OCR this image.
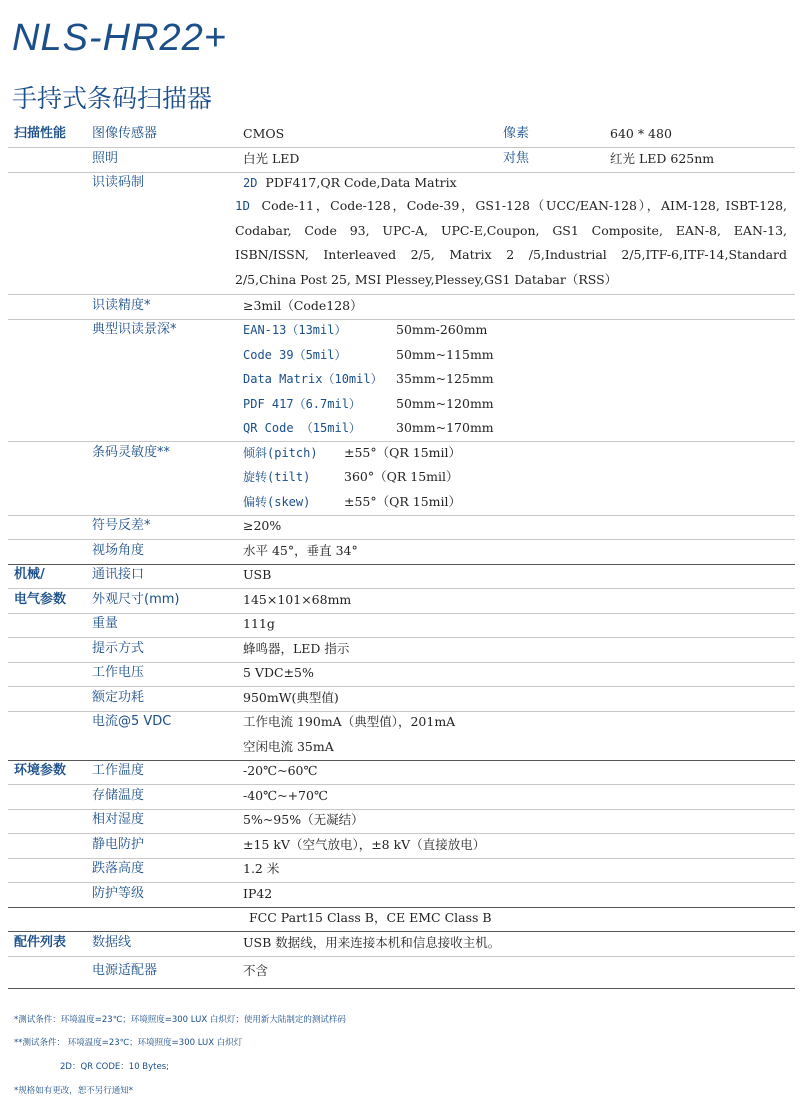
NLS-HR22+
手持式条码扫描器
扫描性能 图像传感器	CMOS	像素	640 * 480
照明	白光 LED	对焦	红光 LED 625nm
识读码制	2D PDF417,QR Code,Data Matrix
1D Code-11，Code-128，Code-39，GS1-128（UCC/EAN-128），AIM-128, ISBT-128, Codabar, Code 93, UPC-A, UPC-E,Coupon, GS1 Composite, EAN-8, EAN-13, ISBN/ISSN, Interleaved 2/5, Matrix 2 /5,Industrial 2/5,ITF-6,ITF-14,Standard 2/5,China Post 25, MSI Plessey,Plessey,GS1 Databar（RSS）
识读精度*	≥3mil（Code128）
典型识读景深*	EAN-13（13mil）	50mm-260mm
Code 39（5mil）	50mm~115mm
Data Matrix（10mil） 35mm~125mm
PDF 417（6.7mil）	50mm~120mm
QR Code （15mil）	30mm~170mm
条码灵敏度**	倾斜(pitch) ±55°（QR 15mil）
旋转(tilt)	360°（QR 15mil）
偏转(skew)	±55°（QR 15mil）
符号反差*	≥20%
视场角度	水平 45°，垂直 34°
机械/	通讯接口	USB
电气参数 外观尺寸(mm)	145×101×68mm
重量	111g
提示方式	蜂鸣器，LED 指示
工作电压	5 VDC±5%
额定功耗	950mW(典型值)
电流@5 VDC	工作电流 190mA（典型值），201mA
空闲电流 35mA
环境参数 工作温度	-20℃~60℃
存储温度	-40℃~+70℃
相对湿度	5%~95%（无凝结）
静电防护	±15 kV（空气放电），±8 kV（直接放电）
跌落高度	1.2 米
防护等级	IP42
FCC Part15 Class B，CE EMC Class B
配件列表 数据线	USB 数据线，用来连接本机和信息接收主机。
电源适配器	不含
*测试条件：环境温度=23℃；环境照度=300 LUX 白炽灯；使用新大陆制定的测试样码
**测试条件： 环境温度=23℃；环境照度=300 LUX 白炽灯
2D：QR CODE：10 Bytes;
*规格如有更改，恕不另行通知*
